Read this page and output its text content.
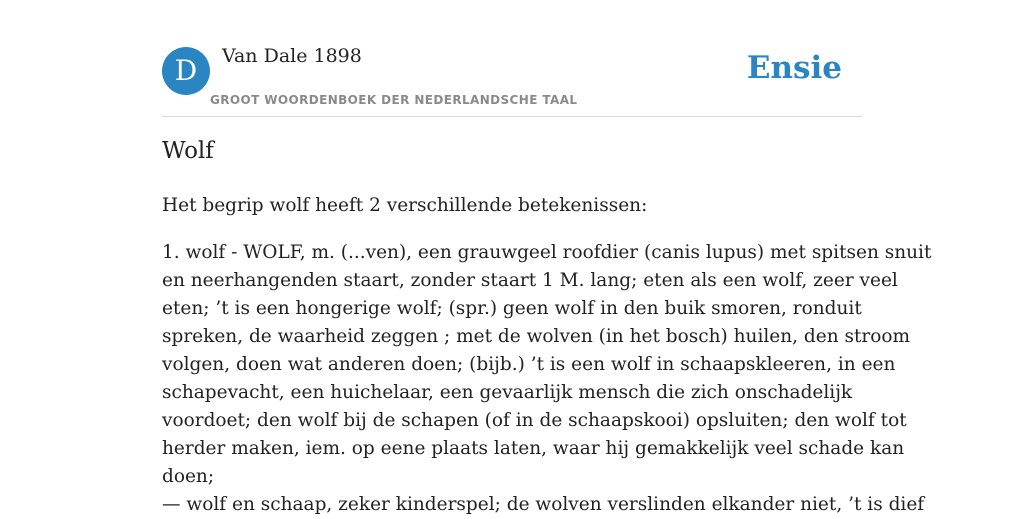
D	Van Dale 1898
GROOT WOORDENBOEK DER NEDERLANDSCHE TAAL
Ensie
Wolf

Het begrip wolf heeft 2 verschillende betekenissen:

1. wolf - WOLF, m. (...ven), een grauwgeel roofdier (canis lupus) met spitsen snuit
en neerhangenden staart, zonder staart 1 M. lang; eten als een wolf, zeer veel
eten; ’t is een hongerige wolf; (spr.) geen wolf in den buik smoren, ronduit
spreken, de waarheid zeggen ; met de wolven (in het bosch) huilen, den stroom
volgen, doen wat anderen doen; (bijb.) ’t is een wolf in schaapskleeren, in een
schapevacht, een huichelaar, een gevaarlijk mensch die zich onschadelijk
voordoet; den wolf bij de schapen (of in de schaapskooi) opsluiten; den wolf tot
herder maken, iem. op eene plaats laten, waar hij gemakkelijk veel schade kan
doen;
— wolf en schaap, zeker kinderspel; de wolven verslinden elkander niet, ’t is dief
